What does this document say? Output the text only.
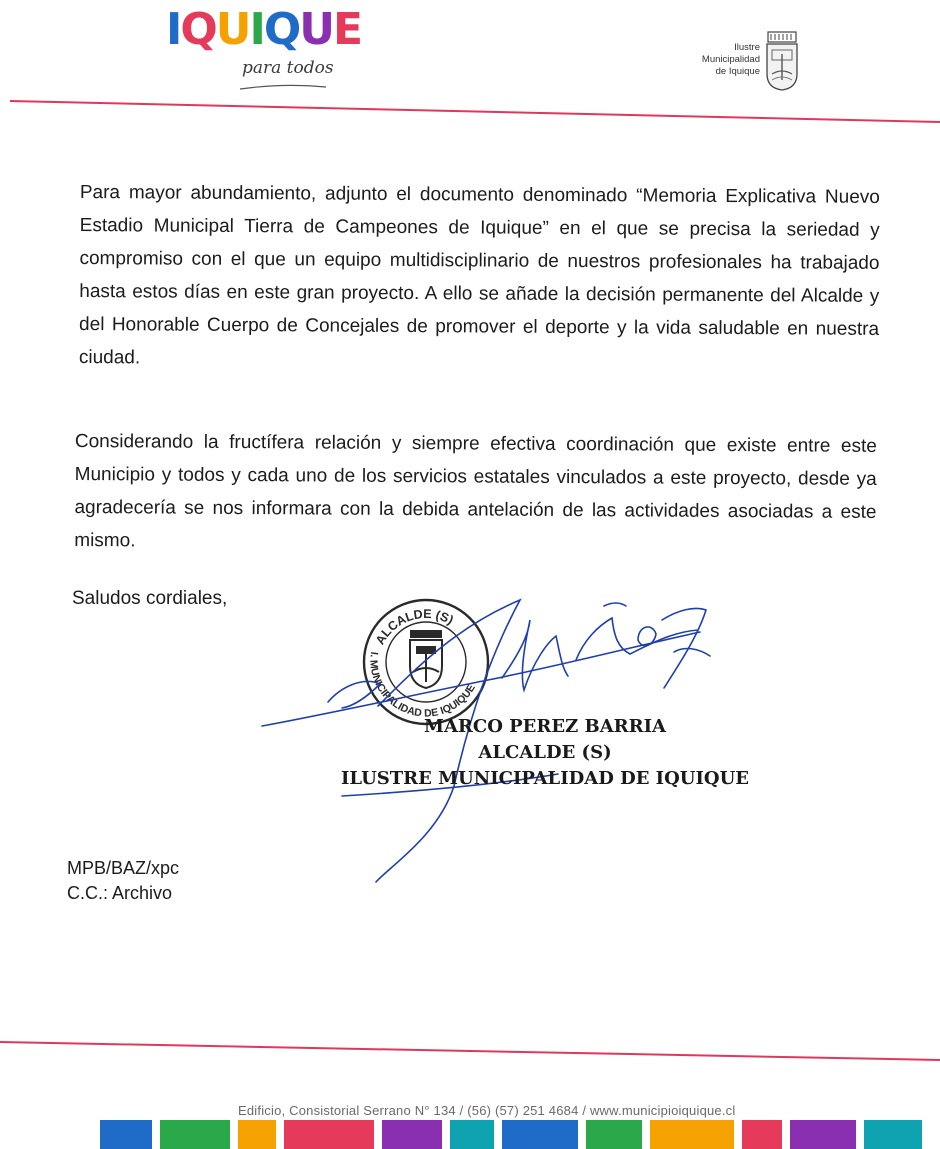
IQUIQUE
para todos
Ilustre
Municipalidad
de Iquique
Para mayor abundamiento, adjunto el documento denominado “Memoria Explicativa Nuevo Estadio Municipal Tierra de Campeones de Iquique” en el que se precisa la seriedad y compromiso con el que un equipo multidisciplinario de nuestros profesionales ha trabajado hasta estos días en este gran proyecto. A ello se añade la decisión permanente del Alcalde y del Honorable Cuerpo de Concejales de promover el deporte y la vida saludable en nuestra ciudad.
Considerando la fructífera relación y siempre efectiva coordinación que existe entre este Municipio y todos y cada uno de los servicios estatales vinculados a este proyecto, desde ya agradecería se nos informara con la debida antelación de las actividades asociadas a este mismo.
Saludos cordiales,
ALCALDE (S)
I. MUNICIPALIDAD DE IQUIQUE
MARCO PEREZ BARRIA
ALCALDE (S)
ILUSTRE MUNICIPALIDAD DE IQUIQUE
MPB/BAZ/xpc
C.C.: Archivo
Edificio, Consistorial Serrano N° 134 / (56) (57) 251 4684 / www.municipioiquique.cl
